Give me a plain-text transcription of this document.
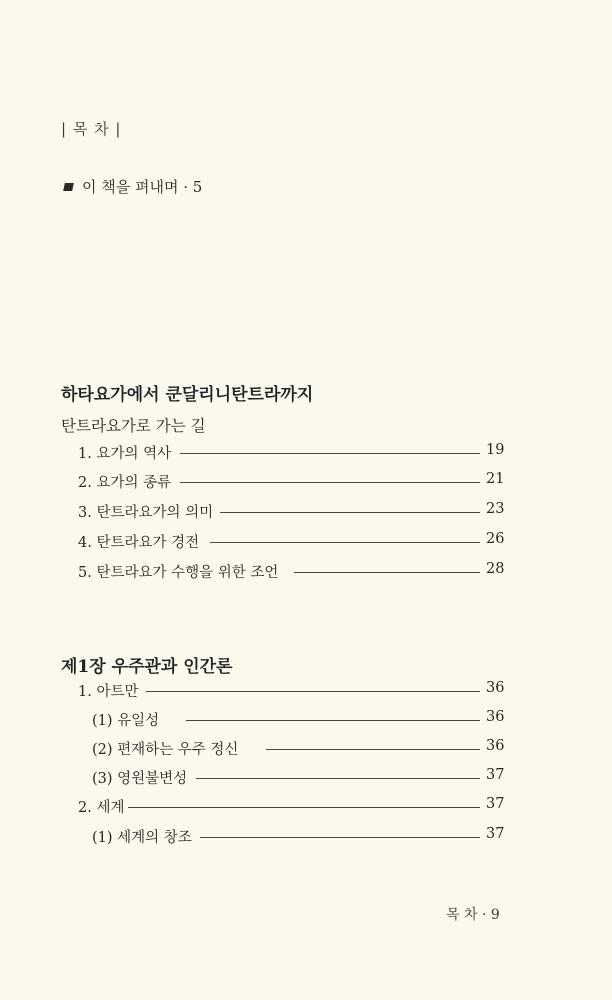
| 목 차 |
이 책을 펴내며 · 5
하타요가에서 쿤달리니탄트라까지
탄트라요가로 가는 길
1. 요가의 역사	19
2. 요가의 종류	21
3. 탄트라요가의 의미	23
4. 탄트라요가 경전	26
5. 탄트라요가 수행을 위한 조언	28
제1장 우주관과 인간론
1. 아트만	36
(1) 유일성	36
(2) 편재하는 우주 정신	36
(3) 영원불변성	37
2. 세계	37
(1) 세계의 창조	37
목 차 · 9
